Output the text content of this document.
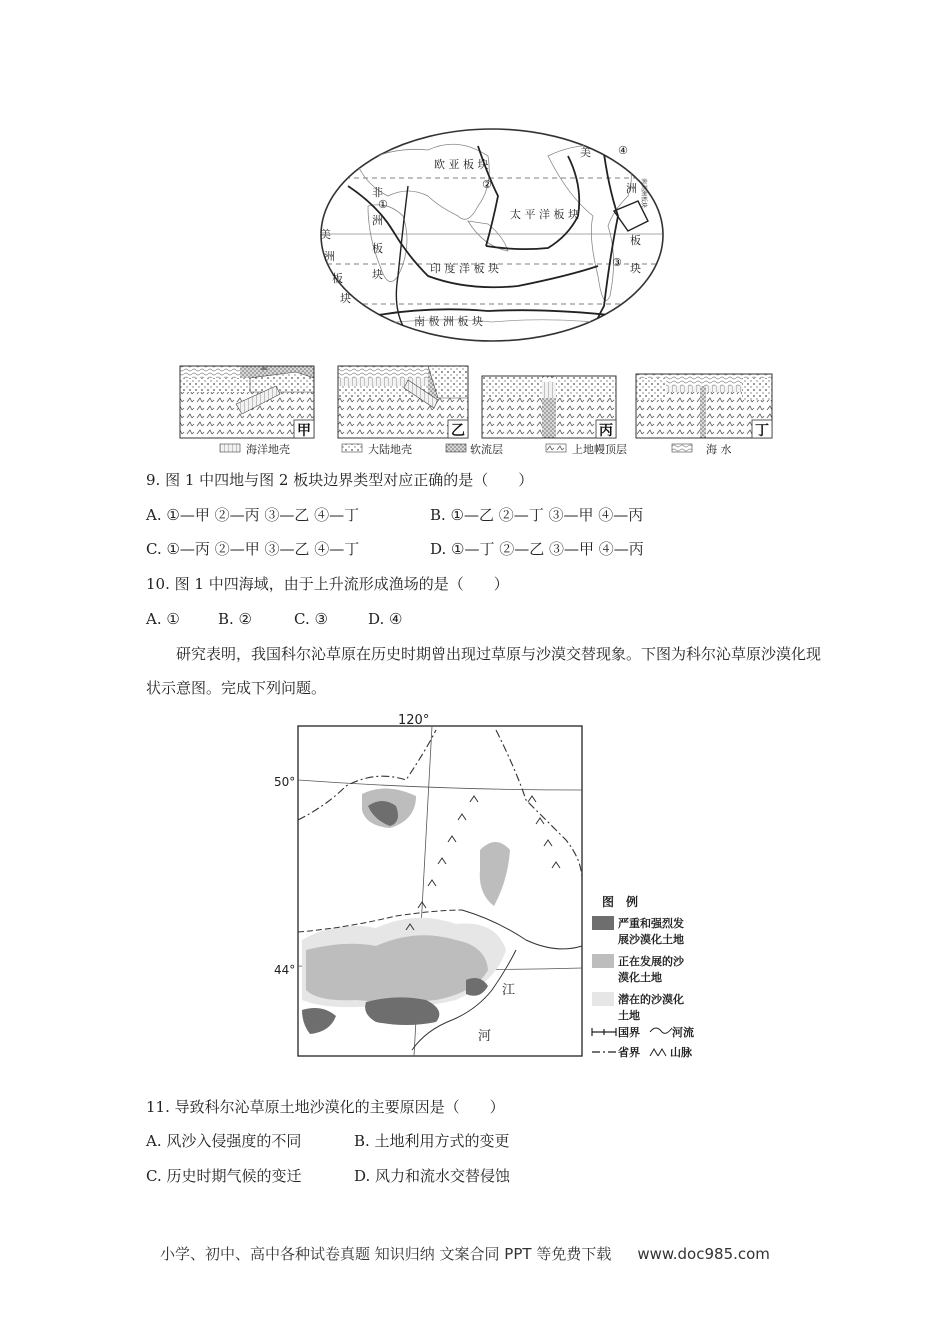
欧 亚 板 块
太 平 洋 板 块
印 度 洋 板 块
南 极 洲 板 块
非
洲
板
块
美
洲
板
块
美
洲
板
块
南美洲板块
①
②
③
④
甲	乙	丙	丁
海洋地壳	大陆地壳	软流层	上地幔顶层	海 水
9. 图 1 中四地与图 2 板块边界类型对应正确的是（　　）
A. ①—甲 ②—丙 ③—乙 ④—丁	B. ①—乙 ②—丁 ③—甲 ④—丙
C. ①—丙 ②—甲 ③—乙 ④—丁	D. ①—丁 ②—乙 ③—甲 ④—丙
10. 图 1 中四海域，由于上升流形成渔场的是（　　）
A. ①	B. ②	C. ③	D. ④
研究表明，我国科尔沁草原在历史时期曾出现过草原与沙漠交替现象。下图为科尔沁草原沙漠化现状示意图。完成下列问题。
120°
50°
44°
河
江
图　例
严重和强烈发
展沙漠化土地
正在发展的沙
漠化土地
潜在的沙漠化
土地
国界	河流
省界	山脉
11. 导致科尔沁草原土地沙漠化的主要原因是（　　）
A. 风沙入侵强度的不同	B. 土地利用方式的变更
C. 历史时期气候的变迁	D. 风力和流水交替侵蚀
小学、初中、高中各种试卷真题 知识归纳 文案合同 PPT 等免费下载 www.doc985.com
